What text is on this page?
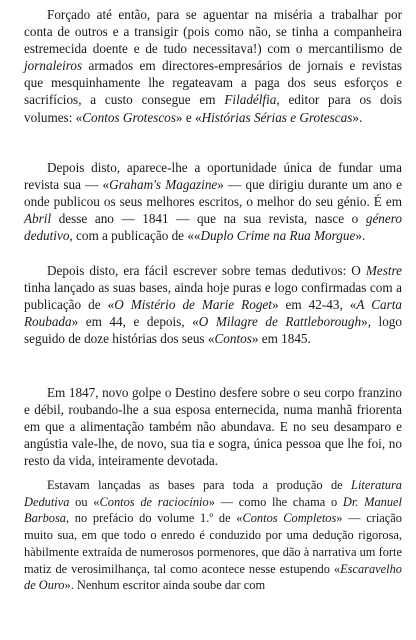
Forçado até então, para se aguentar na miséria a trabalhar por conta de outros e a transigir (pois como não, se tinha a companheira estremecida doente e de tudo necessitava!) com o mercantilismo de jornaleiros armados em directores-empresários de jornais e revistas que mesquinhamente lhe regateavam a paga dos seus esforços e sacrifícios, a custo consegue em Filadélfia, editor para os dois volumes: «Contos Grotescos» e «Histórias Sérias e Grotescas».

Depois disto, aparece-lhe a oportunidade única de fundar uma revista sua — «Graham's Magazine» — que dirigiu durante um ano e onde publicou os seus melhores escritos, o melhor do seu génio. É em Abril desse ano — 1841 — que na sua revista, nasce o género dedutivo, com a publicação de ««Duplo Crime na Rua Morgue».

Depois disto, era fácil escrever sobre temas dedutivos: O Mestre tinha lançado as suas bases, ainda hoje puras e logo confirmadas com a publicação de «O Mistério de Marie Roget» em 42-43, «A Carta Roubada» em 44, e depois, «O Milagre de Rattleborough», logo seguido de doze histórias dos seus «Contos» em 1845.

Em 1847, novo golpe o Destino desfere sobre o seu corpo franzino e débil, roubando-lhe a sua esposa enternecida, numa manhã friorenta em que a alimentação também não abundava. E no seu desamparo e angústia vale-lhe, de novo, sua tia e sogra, única pessoa que lhe foi, no resto da vida, inteiramente devotada.

Estavam lançadas as bases para toda a produção de Literatura Dedutiva ou «Contos de raciocínio» — como lhe chama o Dr. Manuel Barbosa, no prefácio do volume 1.º de «Contos Completos» — criação muito sua, em que todo o enredo é conduzido por uma dedução rigorosa, hàbilmente extraída de numerosos pormenores, que dão à narrativa um forte matiz de verosimilhança, tal como acontece nesse estupendo «Escaravelho de Ouro». Nenhum escritor ainda soube dar com
